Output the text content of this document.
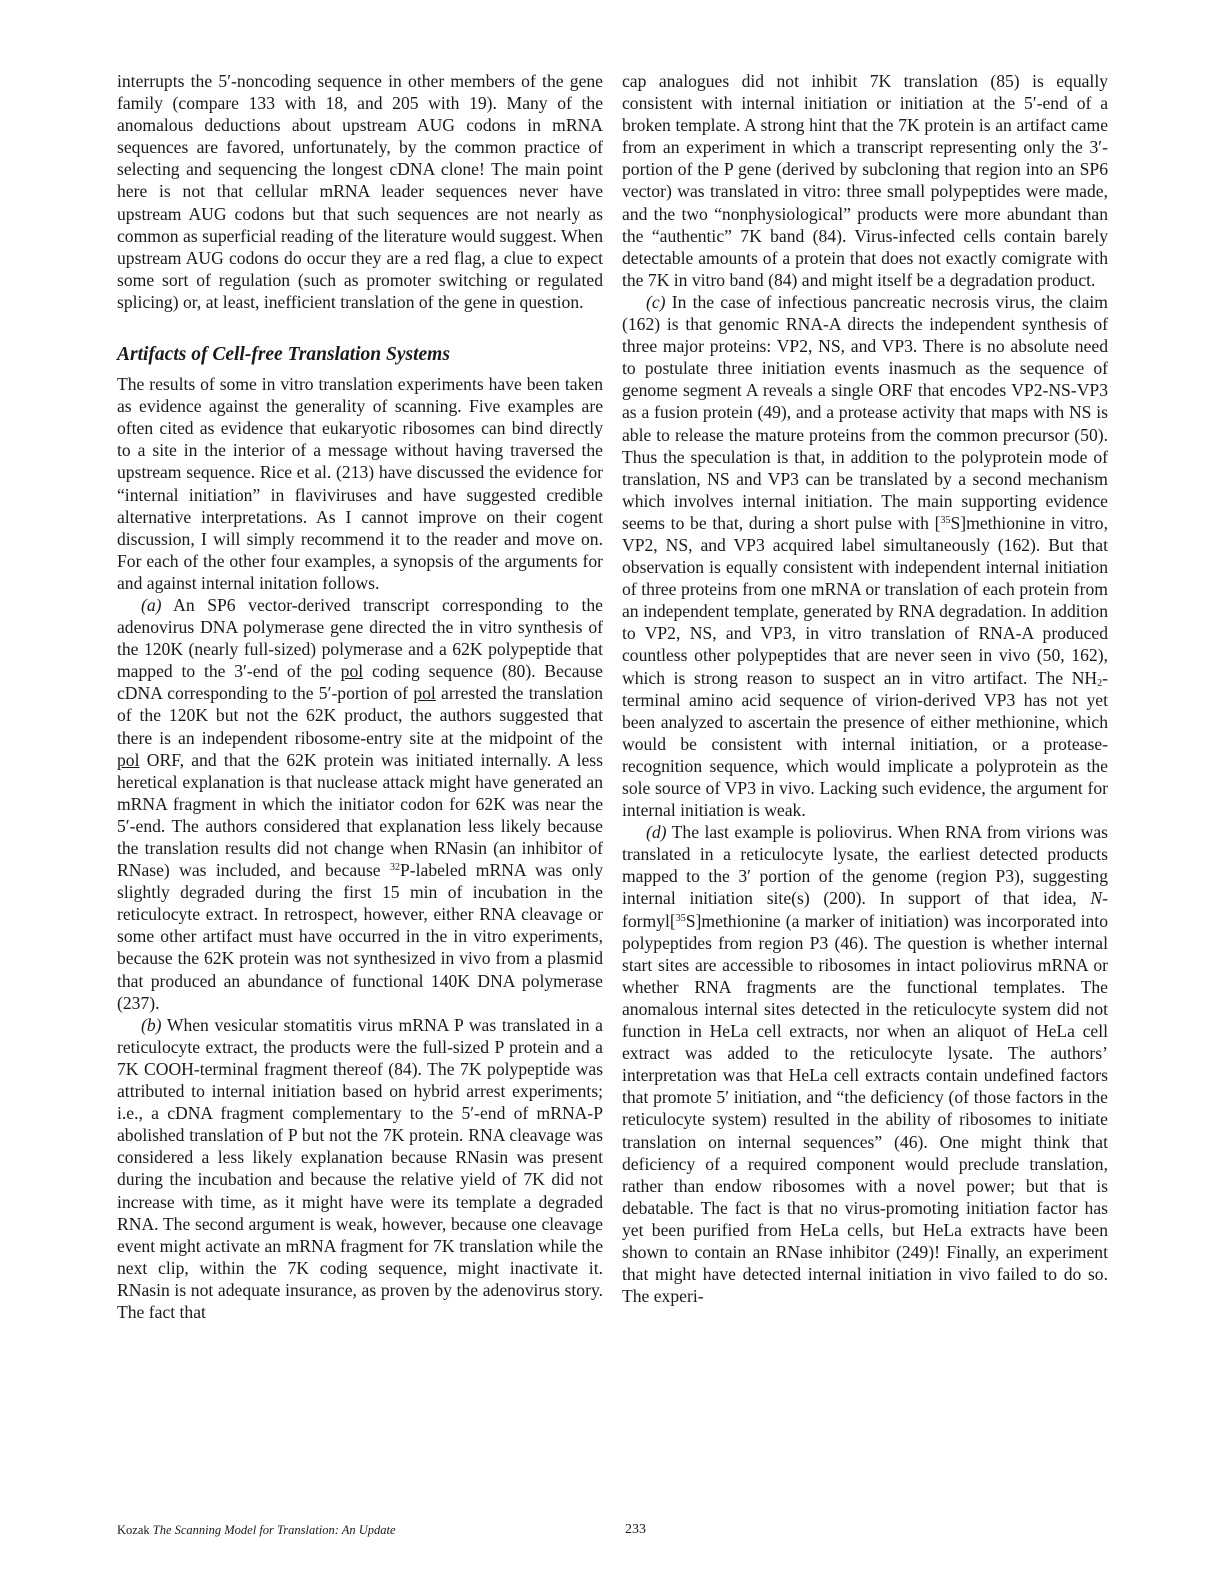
interrupts the 5′-noncoding sequence in other members of the gene family (compare 133 with 18, and 205 with 19). Many of the anomalous deductions about upstream AUG codons in mRNA sequences are favored, unfortunately, by the common practice of selecting and sequencing the longest cDNA clone! The main point here is not that cellular mRNA leader sequences never have upstream AUG codons but that such sequences are not nearly as common as superficial reading of the literature would suggest. When upstream AUG codons do occur they are a red flag, a clue to expect some sort of regulation (such as promoter switching or regulated splicing) or, at least, inefficient translation of the gene in question.

Artifacts of Cell-free Translation Systems

The results of some in vitro translation experiments have been taken as evidence against the generality of scanning. Five examples are often cited as evidence that eukaryotic ribosomes can bind directly to a site in the interior of a message without having traversed the upstream sequence. Rice et al. (213) have discussed the evidence for “internal initiation” in flaviviruses and have suggested credible alternative interpretations. As I cannot improve on their cogent discussion, I will simply recommend it to the reader and move on. For each of the other four examples, a synopsis of the arguments for and against internal initation follows.

(a) An SP6 vector-derived transcript corresponding to the adenovirus DNA polymerase gene directed the in vitro synthesis of the 120K (nearly full-sized) polymerase and a 62K polypeptide that mapped to the 3′-end of the pol coding sequence (80). Because cDNA corresponding to the 5′-portion of pol arrested the translation of the 120K but not the 62K product, the authors suggested that there is an independent ribosome-entry site at the midpoint of the pol ORF, and that the 62K protein was initiated internally. A less heretical explanation is that nuclease attack might have generated an mRNA fragment in which the initiator codon for 62K was near the 5′-end. The authors considered that explanation less likely because the translation results did not change when RNasin (an inhibitor of RNase) was included, and because $^{32}$P-labeled mRNA was only slightly degraded during the first 15 min of incubation in the reticulocyte extract. In retrospect, however, either RNA cleavage or some other artifact must have occurred in the in vitro experiments, because the 62K protein was not synthesized in vivo from a plasmid that produced an abundance of functional 140K DNA polymerase (237).

(b) When vesicular stomatitis virus mRNA P was translated in a reticulocyte extract, the products were the full-sized P protein and a 7K COOH-terminal fragment thereof (84). The 7K polypeptide was attributed to internal initiation based on hybrid arrest experiments; i.e., a cDNA fragment complementary to the 5′-end of mRNA-P abolished translation of P but not the 7K protein. RNA cleavage was considered a less likely explanation because RNasin was present during the incubation and because the relative yield of 7K did not increase with time, as it might have were its template a degraded RNA. The second argument is weak, however, because one cleavage event might activate an mRNA fragment for 7K translation while the next clip, within the 7K coding sequence, might inactivate it. RNasin is not adequate insurance, as proven by the adenovirus story. The fact that

cap analogues did not inhibit 7K translation (85) is equally consistent with internal initiation or initiation at the 5′-end of a broken template. A strong hint that the 7K protein is an artifact came from an experiment in which a transcript representing only the 3′-portion of the P gene (derived by subcloning that region into an SP6 vector) was translated in vitro: three small polypeptides were made, and the two “nonphysiological” products were more abundant than the “authentic” 7K band (84). Virus-infected cells contain barely detectable amounts of a protein that does not exactly comigrate with the 7K in vitro band (84) and might itself be a degradation product.

(c) In the case of infectious pancreatic necrosis virus, the claim (162) is that genomic RNA-A directs the independent synthesis of three major proteins: VP2, NS, and VP3. There is no absolute need to postulate three initiation events inasmuch as the sequence of genome segment A reveals a single ORF that encodes VP2-NS-VP3 as a fusion protein (49), and a protease activity that maps with NS is able to release the mature proteins from the common precursor (50). Thus the speculation is that, in addition to the polyprotein mode of translation, NS and VP3 can be translated by a second mechanism which involves internal initiation. The main supporting evidence seems to be that, during a short pulse with [$^{35}$S]methionine in vitro, VP2, NS, and VP3 acquired label simultaneously (162). But that observation is equally consistent with independent internal initiation of three proteins from one mRNA or translation of each protein from an independent template, generated by RNA degradation. In addition to VP2, NS, and VP3, in vitro translation of RNA-A produced countless other polypeptides that are never seen in vivo (50, 162), which is strong reason to suspect an in vitro artifact. The $NH_2$-terminal amino acid sequence of virion-derived VP3 has not yet been analyzed to ascertain the presence of either methionine, which would be consistent with internal initiation, or a protease-recognition sequence, which would implicate a polyprotein as the sole source of VP3 in vivo. Lacking such evidence, the argument for internal initiation is weak.

(d) The last example is poliovirus. When RNA from virions was translated in a reticulocyte lysate, the earliest detected products mapped to the 3′ portion of the genome (region P3), suggesting internal initiation site(s) (200). In support of that idea, N-formyl[$^{35}$S]methionine (a marker of initiation) was incorporated into polypeptides from region P3 (46). The question is whether internal start sites are accessible to ribosomes in intact poliovirus mRNA or whether RNA fragments are the functional templates. The anomalous internal sites detected in the reticulocyte system did not function in HeLa cell extracts, nor when an aliquot of HeLa cell extract was added to the reticulocyte lysate. The authors’ interpretation was that HeLa cell extracts contain undefined factors that promote 5′ initiation, and “the deficiency (of those factors in the reticulocyte system) resulted in the ability of ribosomes to initiate translation on internal sequences” (46). One might think that deficiency of a required component would preclude translation, rather than endow ribosomes with a novel power; but that is debatable. The fact is that no virus-promoting initiation factor has yet been purified from HeLa cells, but HeLa extracts have been shown to contain an RNase inhibitor (249)! Finally, an experiment that might have detected internal initiation in vivo failed to do so. The experi-

Kozak The Scanning Model for Translation: An Update	233
